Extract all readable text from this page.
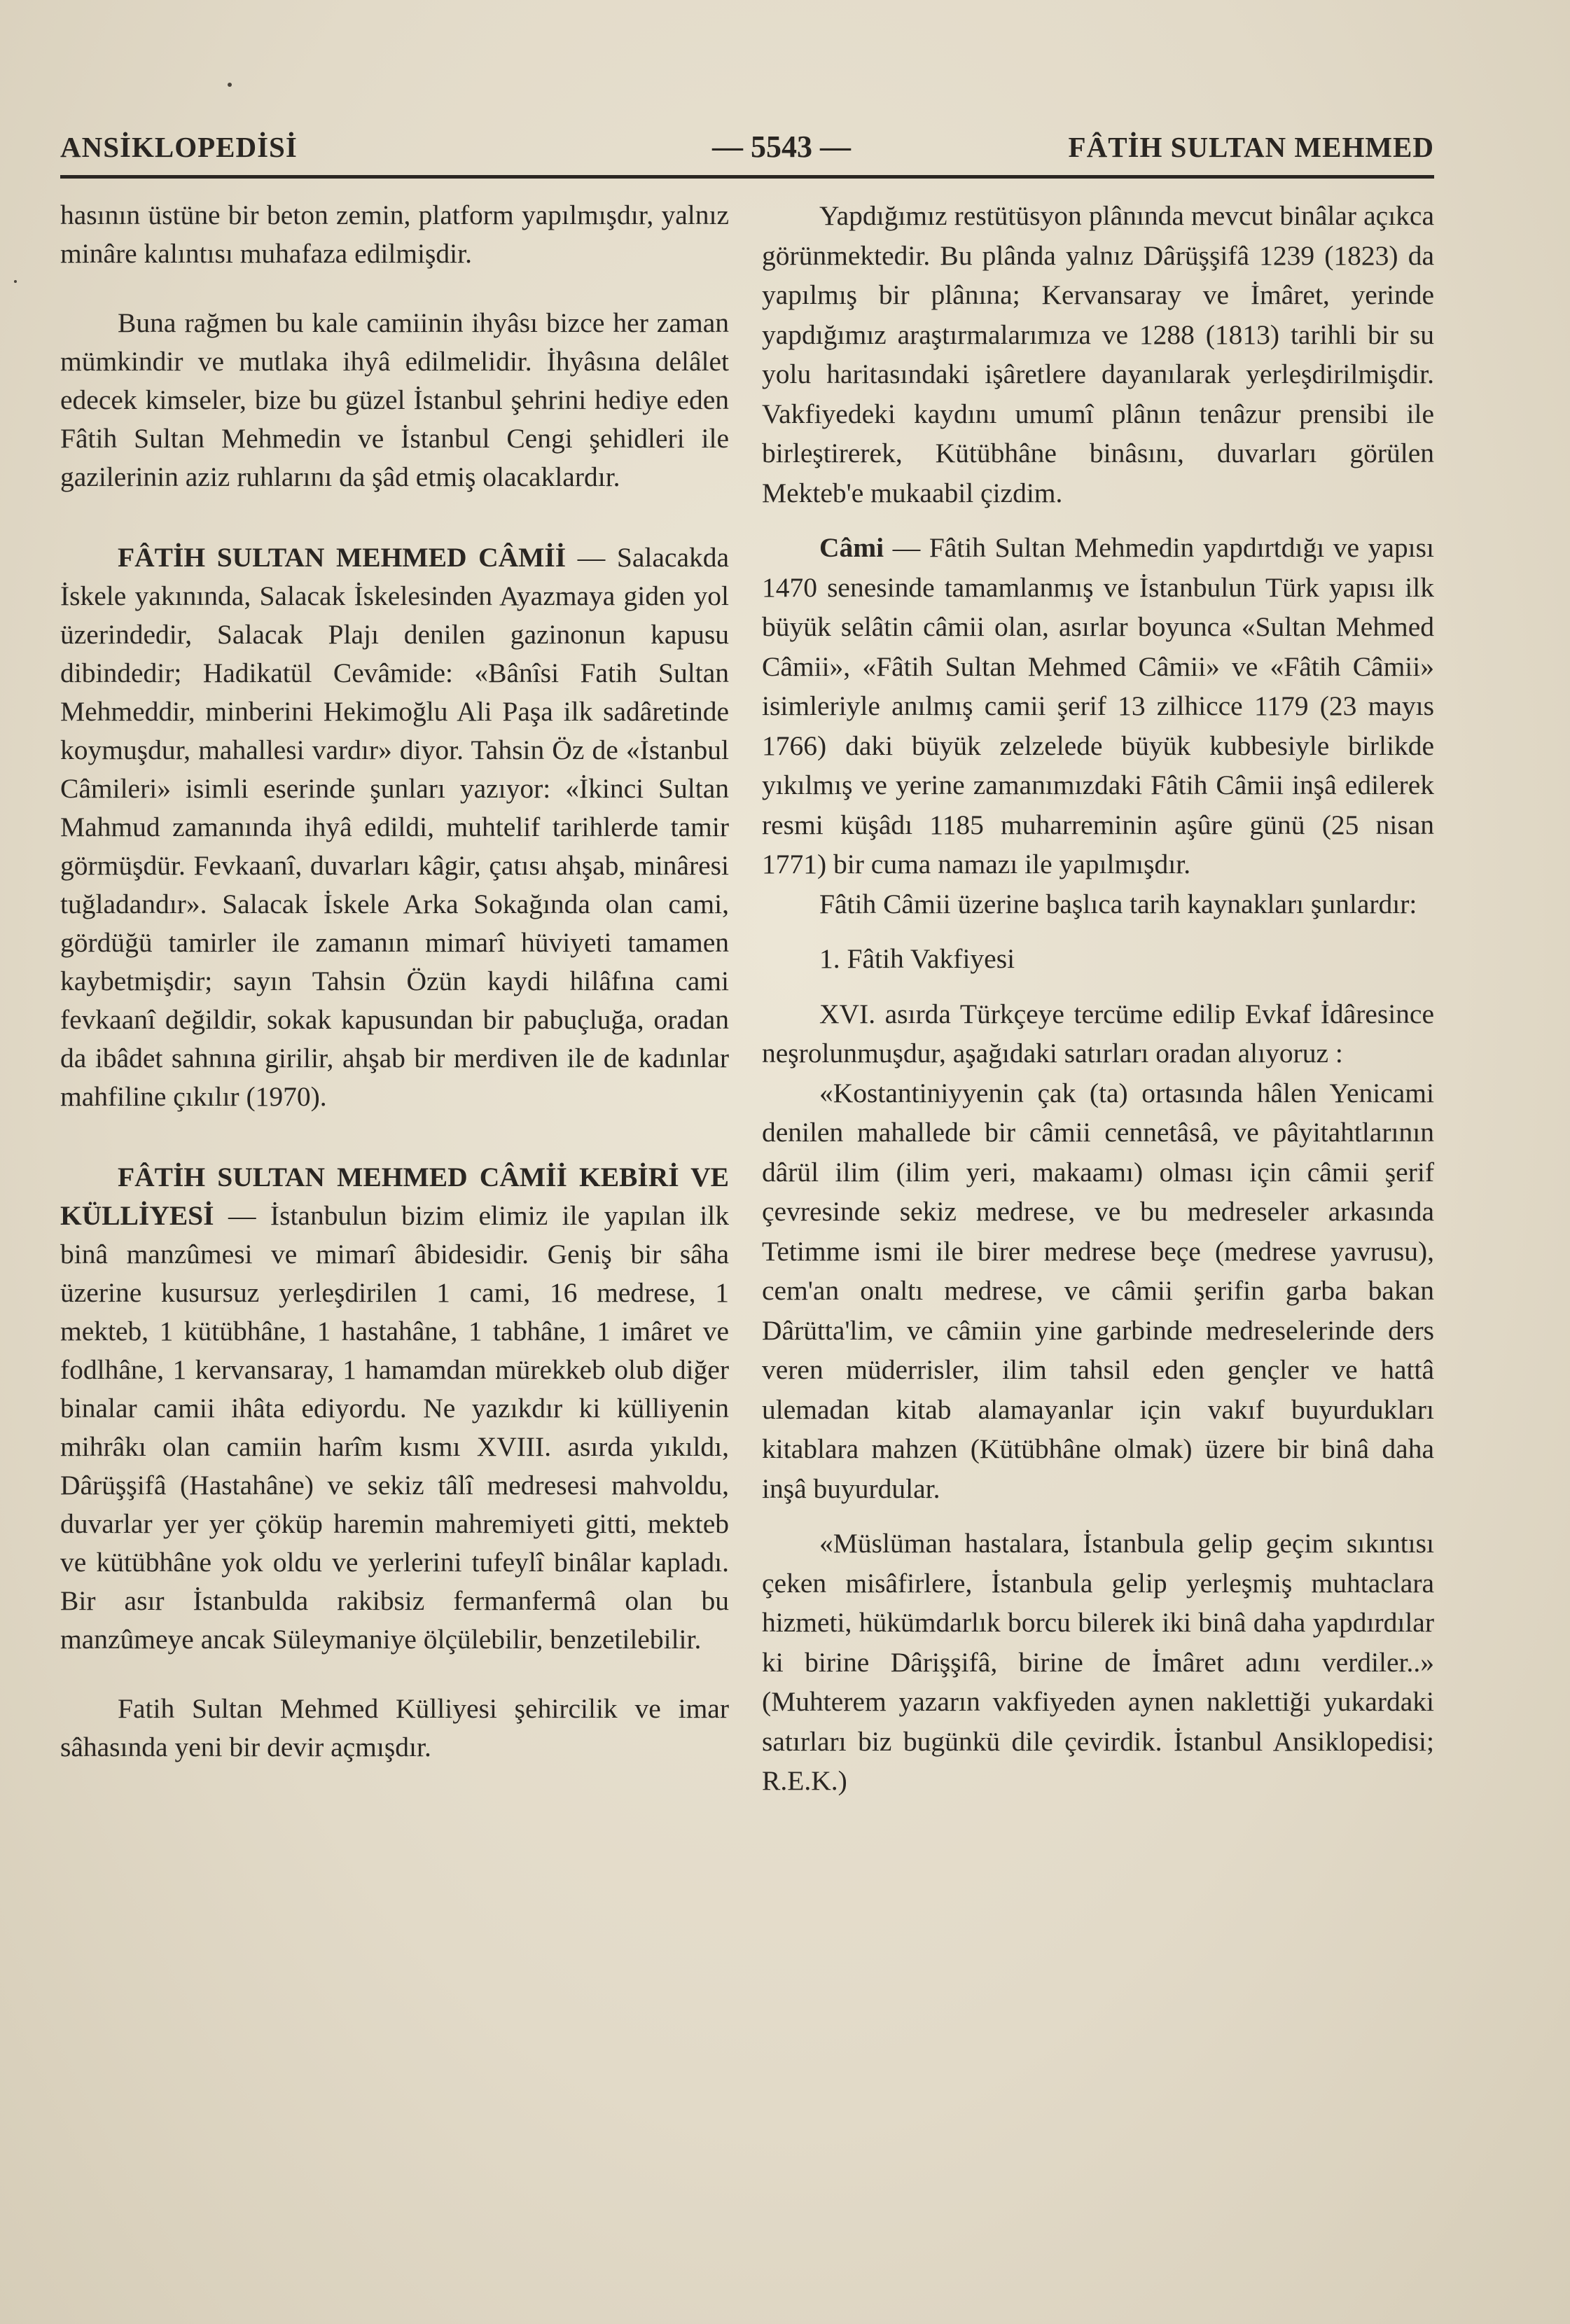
ANSİKLOPEDİSİ	— 5543 —	FÂTİH SULTAN MEHMED

hasının üstüne bir beton zemin, platform yapılmışdır, yalnız minâre kalıntısı muhafaza edilmişdir.

Buna rağmen bu kale camiinin ihyâsı bizce her zaman mümkindir ve mutlaka ihyâ edilmelidir. İhyâsına delâlet edecek kimseler, bize bu güzel İstanbul şehrini hediye eden Fâtih Sultan Mehmedin ve İstanbul Cengi şehidleri ile gazilerinin aziz ruhlarını da şâd etmiş olacaklardır.

FÂTİH SULTAN MEHMED CÂMİİ — Salacakda İskele yakınında, Salacak İskelesinden Ayazmaya giden yol üzerindedir, Salacak Plajı denilen gazinonun kapusu dibindedir; Hadikatül Cevâmide: «Bânîsi Fatih Sultan Mehmeddir, minberini Hekimoğlu Ali Paşa ilk sadâretinde koymuşdur, mahallesi vardır» diyor. Tahsin Öz de «İstanbul Câmileri» isimli eserinde şunları yazıyor: «İkinci Sultan Mahmud zamanında ihyâ edildi, muhtelif tarihlerde tamir görmüşdür. Fevkaanî, duvarları kâgir, çatısı ahşab, minâresi tuğladandır». Salacak İskele Arka Sokağında olan cami, gördüğü tamirler ile zamanın mimarî hüviyeti tamamen kaybetmişdir; sayın Tahsin Özün kaydi hilâfına cami fevkaanî değildir, sokak kapusundan bir pabuçluğa, oradan da ibâdet sahnına girilir, ahşab bir merdiven ile de kadınlar mahfiline çıkılır (1970).

FÂTİH SULTAN MEHMED CÂMİİ KEBİRİ VE KÜLLİYESİ — İstanbulun bizim elimiz ile yapılan ilk binâ manzûmesi ve mimarî âbidesidir. Geniş bir sâha üzerine kusursuz yerleşdirilen 1 cami, 16 medrese, 1 mekteb, 1 kütübhâne, 1 hastahâne, 1 tabhâne, 1 imâret ve fodlhâne, 1 kervansaray, 1 hamamdan mürekkeb olub diğer binalar camii ihâta ediyordu. Ne yazıkdır ki külliyenin mihrâkı olan camiin harîm kısmı XVIII. asırda yıkıldı, Dârüşşifâ (Hastahâne) ve sekiz tâlî medresesi mahvoldu, duvarlar yer yer çöküp haremin mahremiyeti gitti, mekteb ve kütübhâne yok oldu ve yerlerini tufeylî binâlar kapladı. Bir asır İstanbulda rakibsiz fermanfermâ olan bu manzûmeye ancak Süleymaniye ölçülebilir, benzetilebilir.

Fatih Sultan Mehmed Külliyesi şehircilik ve imar sâhasında yeni bir devir açmışdır.

Yapdığımız restütüsyon plânında mevcut binâlar açıkca görünmektedir. Bu plânda yalnız Dârüşşifâ 1239 (1823) da yapılmış bir plânına; Kervansaray ve İmâret, yerinde yapdığımız araştırmalarımıza ve 1288 (1813) tarihli bir su yolu haritasındaki işâretlere dayanılarak yerleşdirilmişdir. Vakfiyedeki kaydını umumî plânın tenâzur prensibi ile birleştirerek, Kütübhâne binâsını, duvarları görülen Mekteb'e mukaabil çizdim.

Câmi — Fâtih Sultan Mehmedin yapdırtdığı ve yapısı 1470 senesinde tamamlanmış ve İstanbulun Türk yapısı ilk büyük selâtin câmii olan, asırlar boyunca «Sultan Mehmed Câmii», «Fâtih Sultan Mehmed Câmii» ve «Fâtih Câmii» isimleriyle anılmış camii şerif 13 zilhicce 1179 (23 mayıs 1766) daki büyük zelzelede büyük kubbesiyle birlikde yıkılmış ve yerine zamanımızdaki Fâtih Câmii inşâ edilerek resmi küşâdı 1185 muharreminin aşûre günü (25 nisan 1771) bir cuma namazı ile yapılmışdır.

Fâtih Câmii üzerine başlıca tarih kaynakları şunlardır:

1. Fâtih Vakfiyesi

XVI. asırda Türkçeye tercüme edilip Evkaf İdâresince neşrolunmuşdur, aşağıdaki satırları oradan alıyoruz :

«Kostantiniyyenin çak (ta) ortasında hâlen Yenicami denilen mahallede bir câmii cennetâsâ, ve pâyitahtlarının dârül ilim (ilim yeri, makaamı) olması için câmii şerif çevresinde sekiz medrese, ve bu medreseler arkasında Tetimme ismi ile birer medrese beçe (medrese yavrusu), cem'an onaltı medrese, ve câmii şerifin garba bakan Dârütta'lim, ve câmiin yine garbinde medreselerinde ders veren müderrisler, ilim tahsil eden gençler ve hattâ ulemadan kitab alamayanlar için vakıf buyurdukları kitablara mahzen (Kütübhâne olmak) üzere bir binâ daha inşâ buyurdular.

«Müslüman hastalara, İstanbula gelip geçim sıkıntısı çeken misâfirlere, İstanbula gelip yerleşmiş muhtaclara hizmeti, hükümdarlık borcu bilerek iki binâ daha yapdırdılar ki birine Dârişşifâ, birine de İmâret adını verdiler..» (Muhterem yazarın vakfiyeden aynen naklettiği yukardaki satırları biz bugünkü dile çevirdik. İstanbul Ansiklopedisi; R.E.K.)
